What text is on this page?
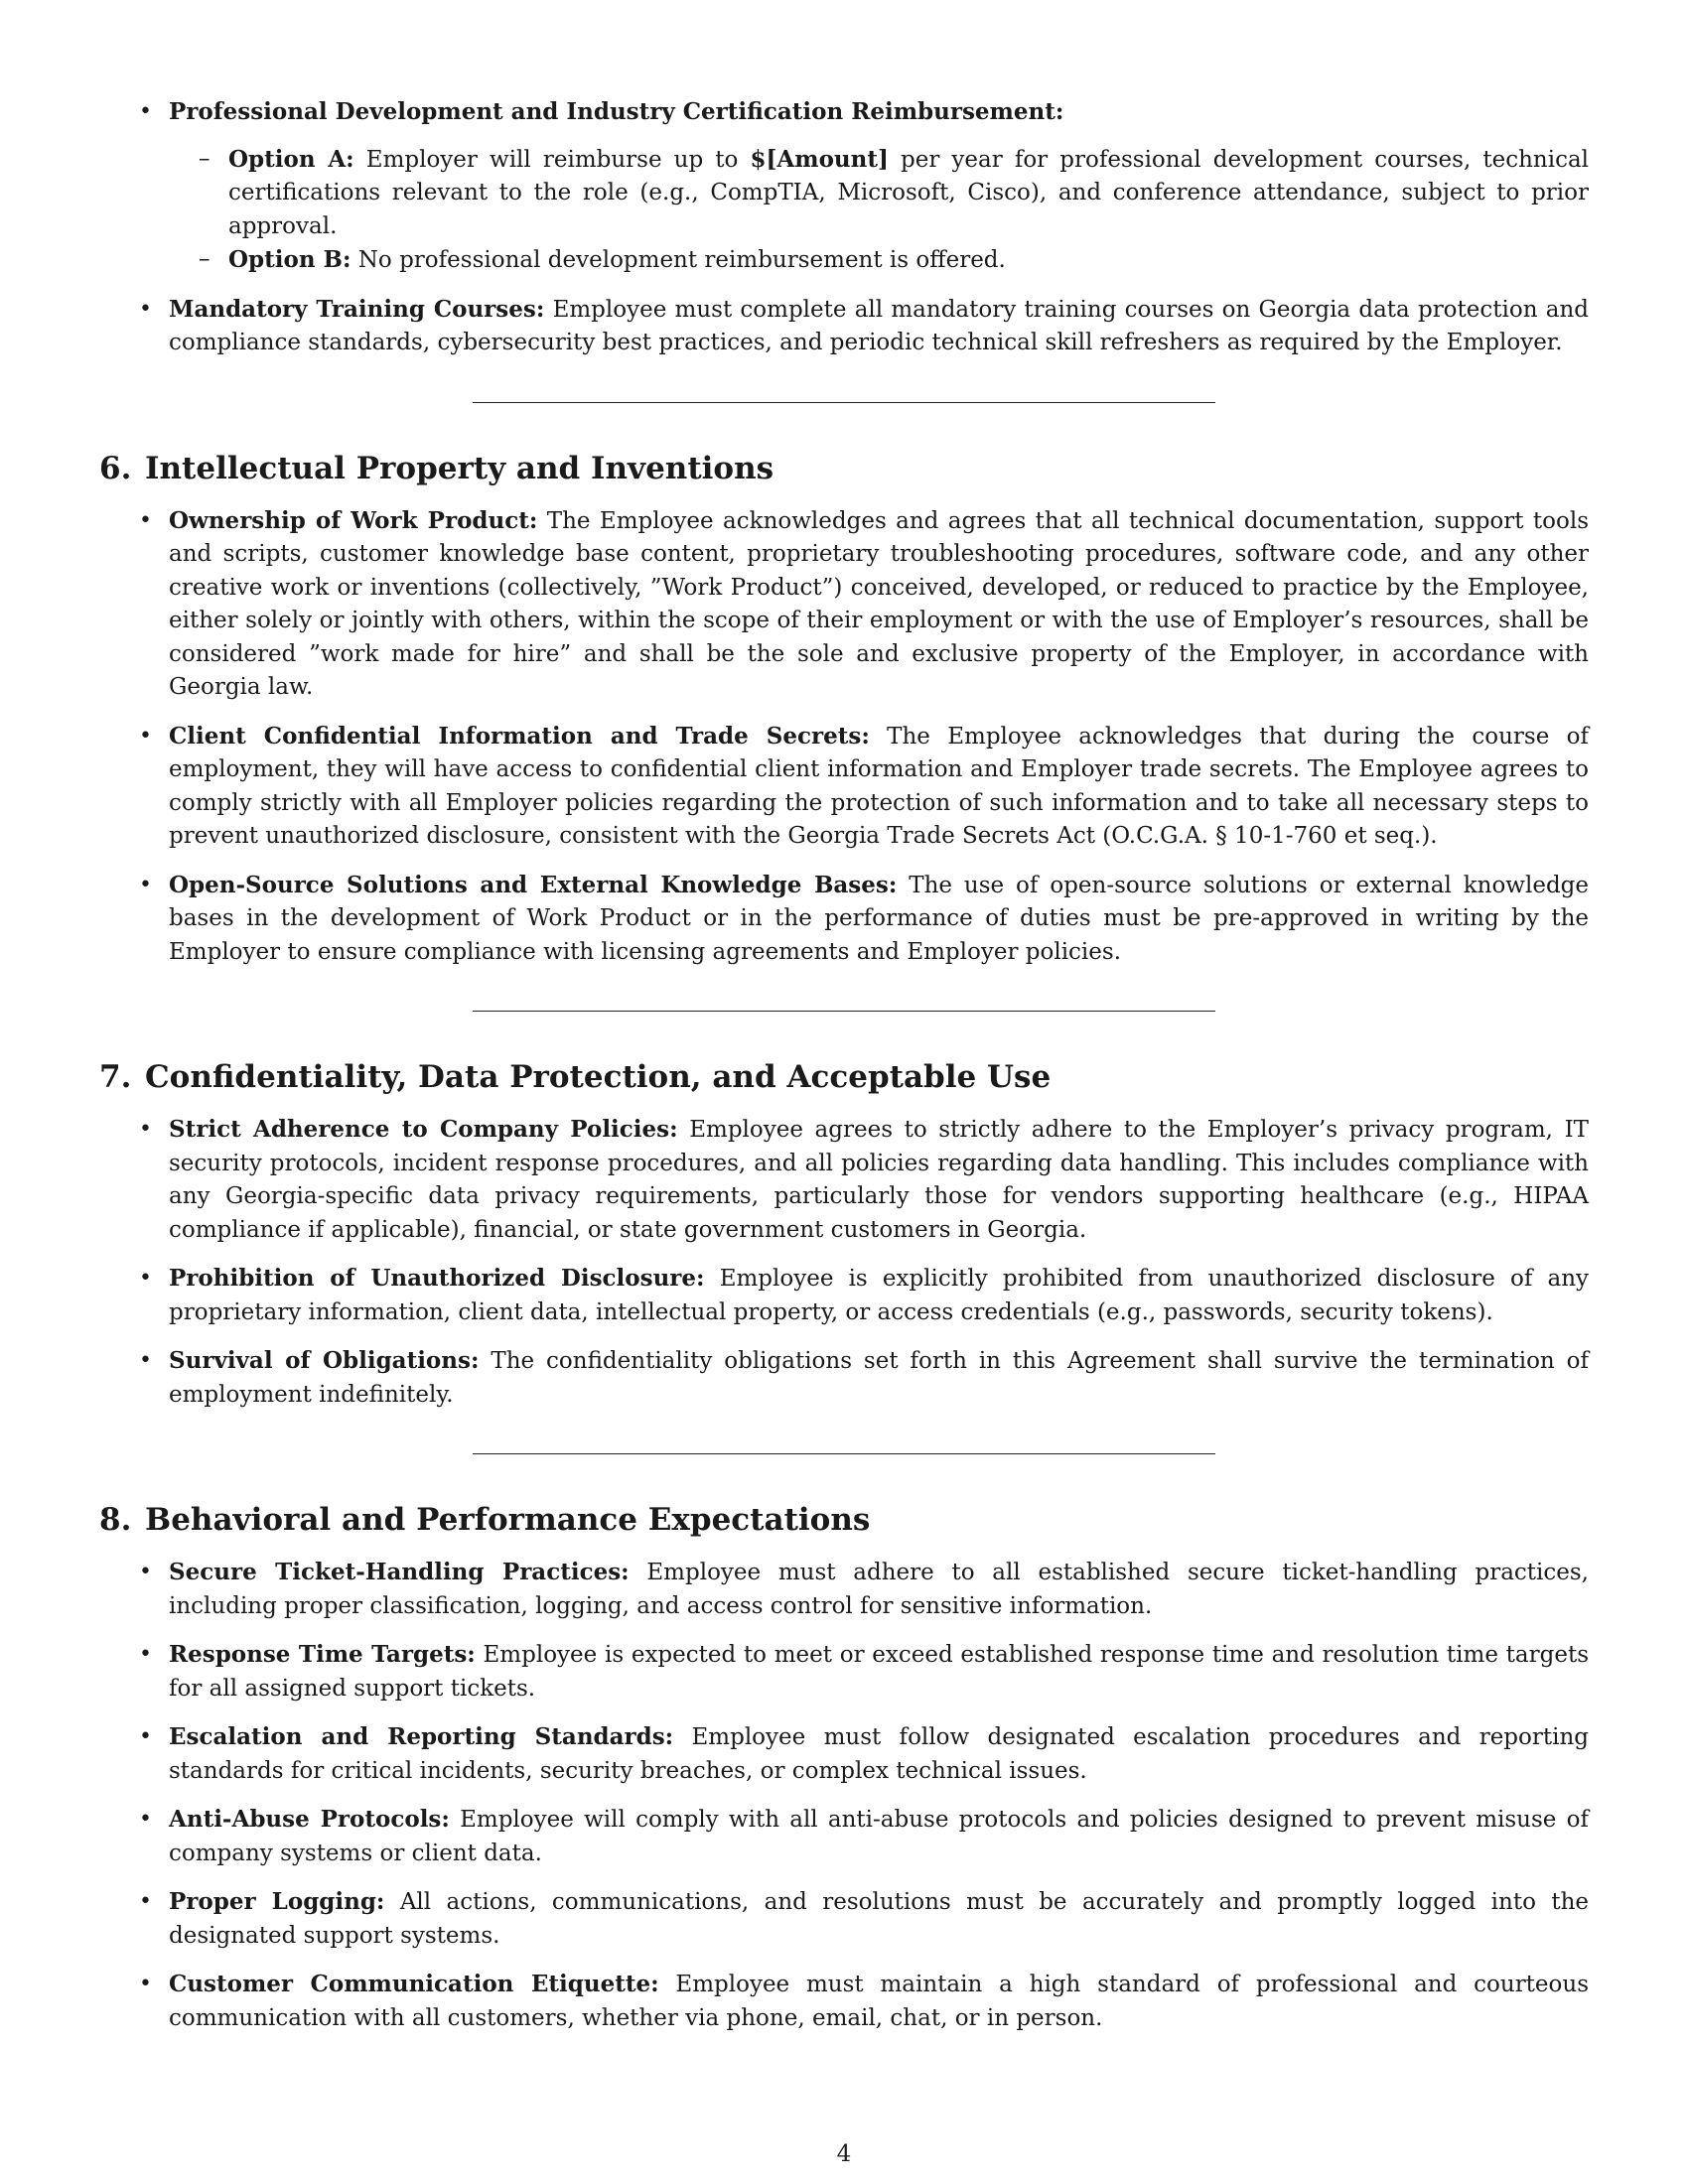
• Professional Development and Industry Certification Reimbursement:
– Option A: Employer will reimburse up to $[Amount] per year for professional development courses, technical certifications relevant to the role (e.g., CompTIA, Microsoft, Cisco), and conference attendance, subject to prior approval.
– Option B: No professional development reimbursement is offered.
• Mandatory Training Courses: Employee must complete all mandatory training courses on Georgia data protection and compliance standards, cybersecurity best practices, and periodic technical skill refreshers as required by the Employer.
6. Intellectual Property and Inventions
• Ownership of Work Product: The Employee acknowledges and agrees that all technical documentation, support tools and scripts, customer knowledge base content, proprietary troubleshooting procedures, software code, and any other creative work or inventions (collectively, ”Work Product”) conceived, developed, or reduced to practice by the Employee, either solely or jointly with others, within the scope of their employment or with the use of Employer’s resources, shall be considered ”work made for hire” and shall be the sole and exclusive property of the Employer, in accordance with Georgia law.
• Client Confidential Information and Trade Secrets: The Employee acknowledges that during the course of employment, they will have access to confidential client information and Employer trade secrets. The Employee agrees to comply strictly with all Employer policies regarding the protection of such information and to take all necessary steps to prevent unauthorized disclosure, consistent with the Georgia Trade Secrets Act (O.C.G.A. § 10-1-760 et seq.).
• Open-Source Solutions and External Knowledge Bases: The use of open-source solutions or external knowledge bases in the development of Work Product or in the performance of duties must be pre-approved in writing by the Employer to ensure compliance with licensing agreements and Employer policies.
7. Confidentiality, Data Protection, and Acceptable Use
• Strict Adherence to Company Policies: Employee agrees to strictly adhere to the Employer’s privacy program, IT security protocols, incident response procedures, and all policies regarding data handling. This includes compliance with any Georgia-specific data privacy requirements, particularly those for vendors supporting healthcare (e.g., HIPAA compliance if applicable), financial, or state government customers in Georgia.
• Prohibition of Unauthorized Disclosure: Employee is explicitly prohibited from unauthorized disclosure of any proprietary information, client data, intellectual property, or access credentials (e.g., passwords, security tokens).
• Survival of Obligations: The confidentiality obligations set forth in this Agreement shall survive the termination of employment indefinitely.
8. Behavioral and Performance Expectations
• Secure Ticket-Handling Practices: Employee must adhere to all established secure ticket-handling practices, including proper classification, logging, and access control for sensitive information.
• Response Time Targets: Employee is expected to meet or exceed established response time and resolution time targets for all assigned support tickets.
• Escalation and Reporting Standards: Employee must follow designated escalation procedures and reporting standards for critical incidents, security breaches, or complex technical issues.
• Anti-Abuse Protocols: Employee will comply with all anti-abuse protocols and policies designed to prevent misuse of company systems or client data.
• Proper Logging: All actions, communications, and resolutions must be accurately and promptly logged into the designated support systems.
• Customer Communication Etiquette: Employee must maintain a high standard of professional and courteous communication with all customers, whether via phone, email, chat, or in person.
4
